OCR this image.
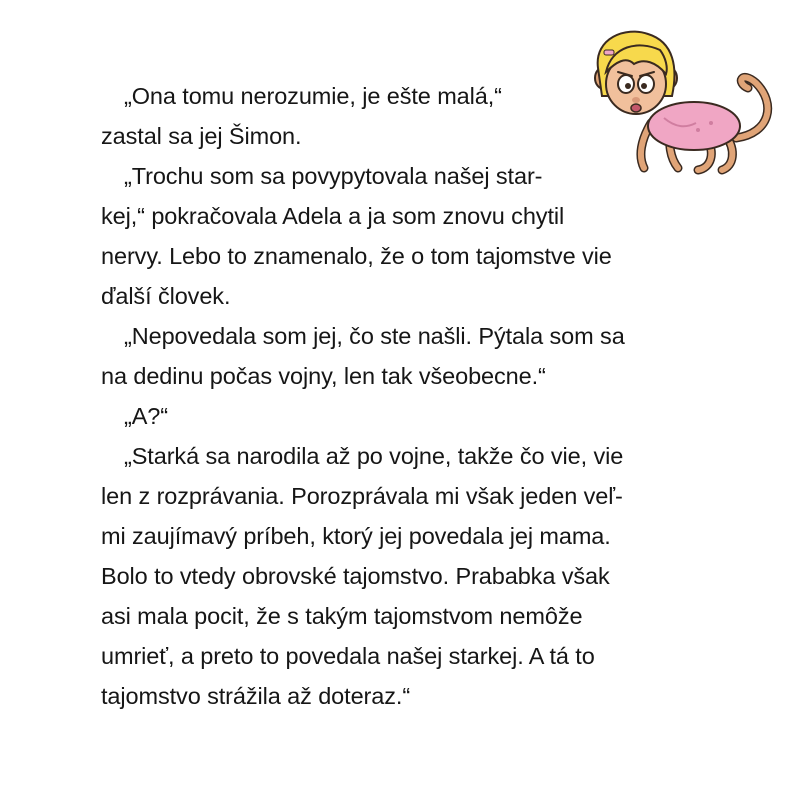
„Ona tomu nerozumie, je ešte malá,“
zastal sa jej Šimon.
„Trochu som sa povypytovala našej star-
kej,“ pokračovala Adela a ja som znovu chytil
nervy. Lebo to znamenalo, že o tom tajomstve vie
ďalší človek.
„Nepovedala som jej, čo ste našli. Pýtala som sa
na dedinu počas vojny, len tak všeobecne.“
„A?“
„Starká sa narodila až po vojne, takže čo vie, vie
len z rozprávania. Porozprávala mi však jeden veľ-
mi zaujímavý príbeh, ktorý jej povedala jej mama.
Bolo to vtedy obrovské tajomstvo. Prababka však
asi mala pocit, že s takým tajomstvom nemôže
umrieť, a preto to povedala našej starkej. A tá to
tajomstvo strážila až doteraz.“
